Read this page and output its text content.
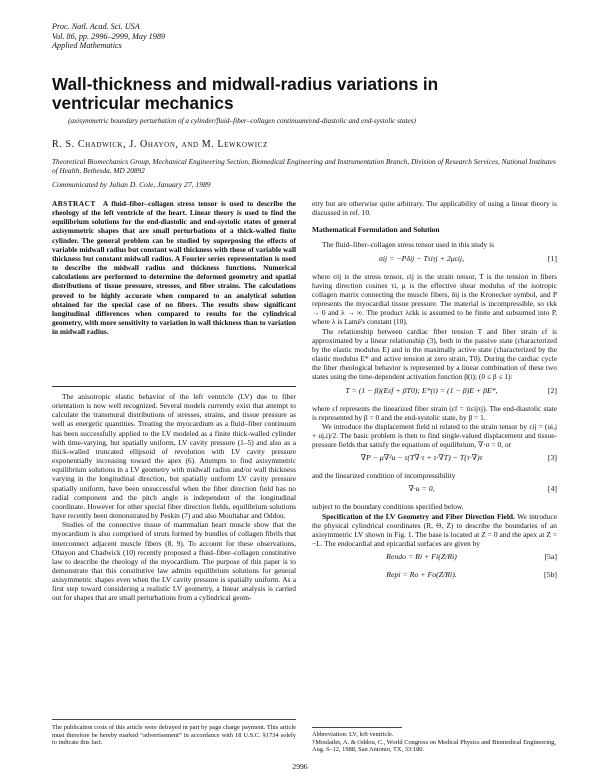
Proc. Natl. Acad. Sci. USA
Vol. 86, pp. 2996–2999, May 1989
Applied Mathematics
Wall-thickness and midwall-radius variations in
ventricular mechanics
(axisymmetric boundary perturbation of a cylinder/fluid–fiber–collagen continuum/end-diastolic and end-systolic states)
R. S. Chadwick, J. Ohayon, and M. Lewkowicz
Theoretical Biomechanics Group, Mechanical Engineering Section, Biomedical Engineering and Instrumentation Branch, Division of Research Services, National Institutes of Health, Bethesda, MD 20892
Communicated by Julian D. Cole, January 27, 1989
ABSTRACT A fluid–fiber–collagen stress tensor is used to describe the rheology of the left ventricle of the heart. Linear theory is used to find the equilibrium solutions for the end-diastolic and end-systolic states of general axisymmetric shapes that are small perturbations of a thick-walled finite cylinder. The general problem can be studied by superposing the effects of variable midwall radius but constant wall thickness with those of variable wall thickness but constant midwall radius. A Fourier series representation is used to describe the midwall radius and thickness functions. Numerical calculations are performed to determine the deformed geometry and spatial distributions of tissue pressure, stresses, and fiber strains. The calculations proved to be highly accurate when compared to an analytical solution obtained for the special case of no fibers. The results show significant longitudinal differences when compared to results for the cylindrical geometry, with more sensitivity to variation in wall thickness than to variation in midwall radius.

The anisotropic elastic behavior of the left ventricle (LV) due to fiber orientation is now well recognized. Several models currently exist that attempt to calculate the transmural distributions of stresses, strains, and tissue pressure as well as energetic quantities. Treating the myocardium as a fluid–fiber continuum has been successfully applied to the LV modeled as a finite thick-walled cylinder with time-varying, but spatially uniform, LV cavity pressure (1–5) and also as a thick-walled truncated ellipsoid of revolution with LV cavity pressure exponentially increasing toward the apex (6). Attempts to find axisymmetric equilibrium solutions in a LV geometry with midwall radius and/or wall thickness varying in the longitudinal direction, but spatially uniform LV cavity pressure spatially uniform, have been unsuccessful when the fiber direction field has no radial component and the pitch angle is independent of the longitudinal coordinate. However for other special fiber direction fields, equilibrium solutions have recently been demonstrated by Peskin (7) and also Moultahar and Oddou.

Studies of the connective tissue of mammalian heart muscle show that the myocardium is also comprised of struts formed by bundles of collagen fibrils that interconnect adjacent muscle fibers (8, 9). To account for these observations, Ohayon and Chadwick (10) recently proposed a fluid–fiber–collagen constitutive law to describe the rheology of the myocardium. The purpose of this paper is to demonstrate that this constitutive law admits equilibrium solutions for general axisymmetric shapes even when the LV cavity pressure is spatially uniform. As a first step toward considering a realistic LV geometry, a linear analysis is carried out for shapes that are small perturbations from a cylindrical geom-

The publication costs of this article were defrayed in part by page charge payment. This article must therefore be hereby marked “advertisement” in accordance with 18 U.S.C. §1734 solely to indicate this fact.

etry but are otherwise quite arbitrary. The applicability of using a linear theory is discussed in ref. 10.

Mathematical Formulation and Solution

The fluid–fiber–collagen stress tensor used in this study is

σij = −Pδij − Tτiτj + 2μεij,	[1]

where σij is the stress tensor, εij is the strain tensor, T is the tension in fibers having direction cosines τi, μ is the effective shear modulus of the isotropic collagen matrix connecting the muscle fibers, δij is the Kronecker symbol, and P represents the myocardial tissue pressure. The material is incompressible, so εkk → 0 and λ → ∞. The product λεkk is assumed to be finite and subsumed into P, where λ is Lamé's constant (10).

The relationship between cardiac fiber tension T and fiber strain εf is approximated by a linear relationship (3), both in the passive state (characterized by the elastic modulus E) and in the maximally active state (characterized by the elastic modulus E* and active tension at zero strain, T0). During the cardiac cycle the fiber rheological behavior is represented by a linear combination of these two states using the time-dependent activation function β(t); (0 ≤ β ≤ 1):

T = (1 − β)(Eεf + βT0); E*(t) = (1 − β)E + βE*,	[2]

where εf represents the linearized fiber strain (εf = τiεijτj). The end-diastolic state is represented by β = 0 and the end-systolic state, by β = 1.

We introduce the displacement field ui related to the strain tensor by εij = (ui,j + uj,i)/2. The basic problem is then to find single-valued displacement and tissue-pressure fields that satisfy the equations of equilibrium, ∇·σ = 0, or

∇P − μ∇²u − τ(T∇·τ + τ·∇T) − T(τ·∇)τ	[3]

and the linearized condition of incompressibility

∇·u = 0,	[4]

subject to the boundary conditions specified below.

Specification of the LV Geometry and Fiber Direction Field. We introduce the physical cylindrical coordinates (R, Θ, Z) to describe the boundaries of an axisymmetric LV shown in Fig. 1. The base is located at Z = 0 and the apex at Z = −L. The endocardial and epicardial surfaces are given by

Rendo = Ri + Fi(Z/Ri)	[5a]
Repi = Ro + Fo(Z/Ri).	[5b]
Abbreviation: LV, left ventricle.
†Moulatlet, A. & Oddou, C., World Congress on Medical Physics and Biomedical Engineering, Aug. 6–12, 1988, San Antonio, TX, 33:180.
2996
